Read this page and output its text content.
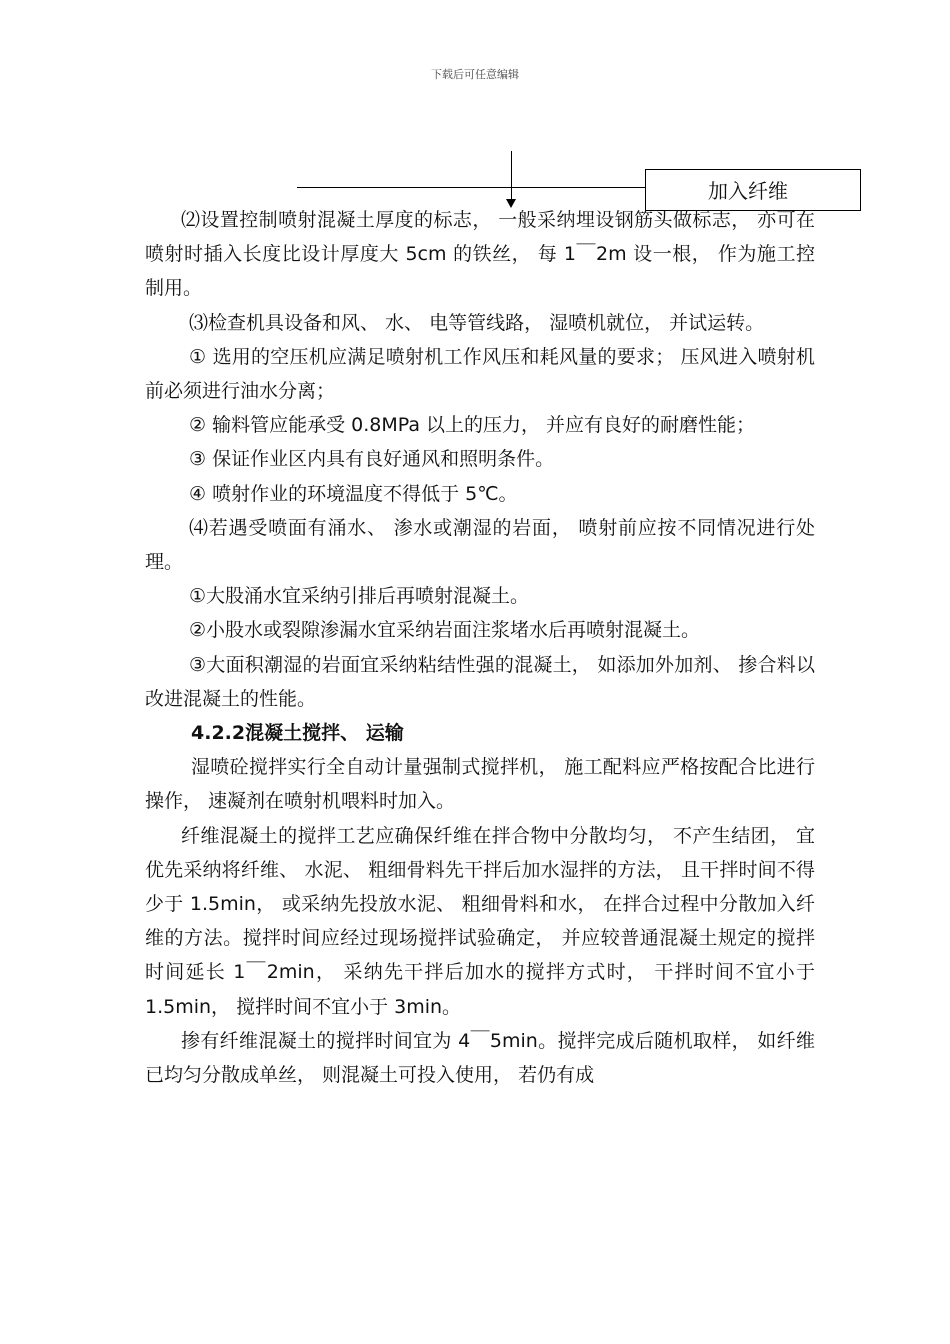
下载后可任意编辑
加入纤维

⑵设置控制喷射混凝土厚度的标志， 一般采纳埋设钢筋头做标志， 亦可在喷射时插入长度比设计厚度大 5cm 的铁丝， 每 1￣2m 设一根， 作为施工控制用。

⑶检查机具设备和风、 水、 电等管线路， 湿喷机就位， 并试运转。

① 选用的空压机应满足喷射机工作风压和耗风量的要求； 压风进入喷射机前必须进行油水分离；

② 输料管应能承受 0.8MPa 以上的压力， 并应有良好的耐磨性能；

③ 保证作业区内具有良好通风和照明条件。

④ 喷射作业的环境温度不得低于 5℃。

⑷若遇受喷面有涌水、 渗水或潮湿的岩面， 喷射前应按不同情况进行处理。

①大股涌水宜采纳引排后再喷射混凝土。

②小股水或裂隙渗漏水宜采纳岩面注浆堵水后再喷射混凝土。

③大面积潮湿的岩面宜采纳粘结性强的混凝土， 如添加外加剂、 掺合料以改进混凝土的性能。

4.2.2混凝土搅拌、 运输

湿喷砼搅拌实行全自动计量强制式搅拌机， 施工配料应严格按配合比进行操作， 速凝剂在喷射机喂料时加入。

纤维混凝土的搅拌工艺应确保纤维在拌合物中分散均匀， 不产生结团， 宜优先采纳将纤维、 水泥、 粗细骨料先干拌后加水湿拌的方法， 且干拌时间不得少于 1.5min， 或采纳先投放水泥、 粗细骨料和水， 在拌合过程中分散加入纤维的方法。搅拌时间应经过现场搅拌试验确定， 并应较普通混凝土规定的搅拌时间延长 1￣2min， 采纳先干拌后加水的搅拌方式时， 干拌时间不宜小于 1.5min， 搅拌时间不宜小于 3min。

掺有纤维混凝土的搅拌时间宜为 4￣5min。搅拌完成后随机取样， 如纤维已均匀分散成单丝， 则混凝土可投入使用， 若仍有成
